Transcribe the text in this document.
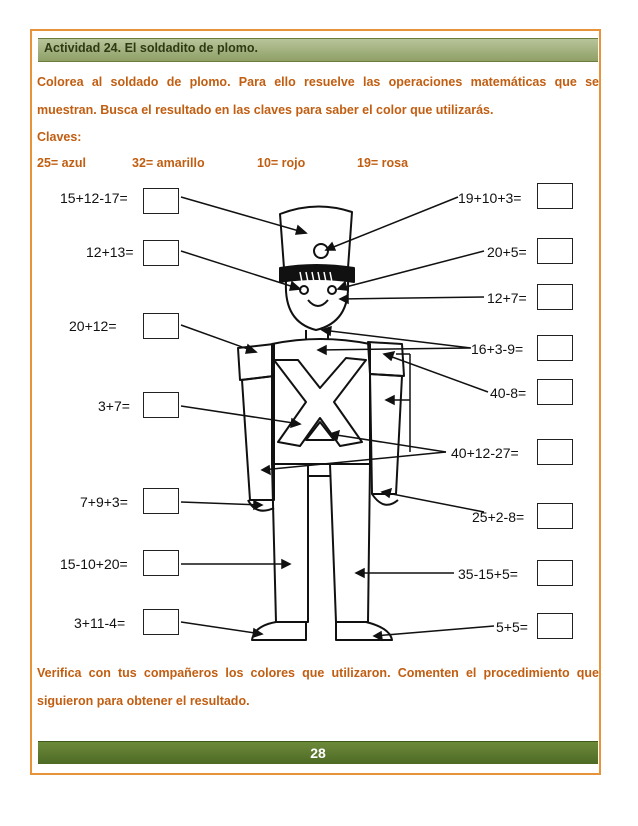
Actividad 24. El soldadito de plomo.
Colorea al soldado de plomo. Para ello resuelve las operaciones matemáticas que se
muestran. Busca el resultado en las claves para saber el color que utilizarás.
Claves:
25= azul	32= amarillo	10= rojo	19= rosa
15+12-17=
12+13=
20+12=
3+7=
7+9+3=
15-10+20=
3+11-4=
19+10+3=
20+5=
12+7=
16+3-9=
40-8=
40+12-27=
25+2-8=
35-15+5=
5+5=
Verifica con tus compañeros los colores que utilizaron. Comenten el procedimiento que
siguieron para obtener el resultado.
28
